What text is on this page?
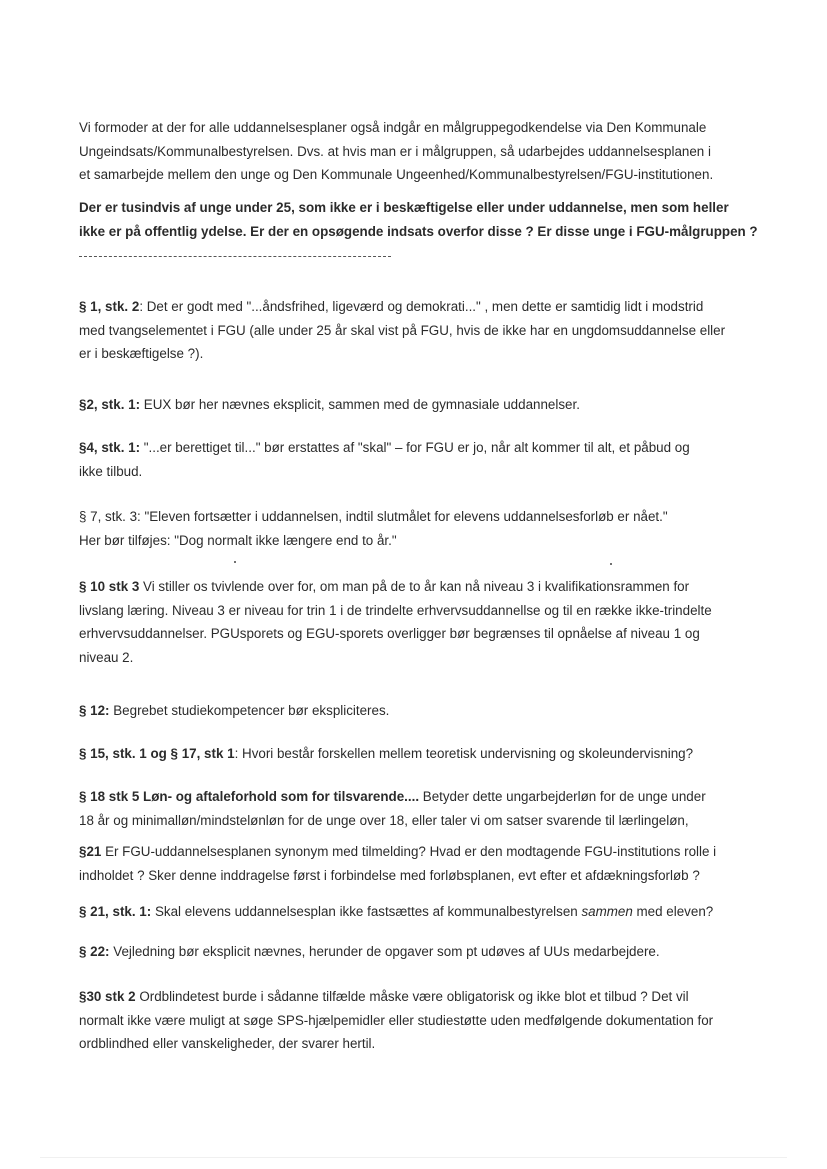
Vi formoder at der for alle uddannelsesplaner også indgår en målgruppegodkendelse via Den Kommunale
Ungeindsats/Kommunalbestyrelsen. Dvs. at hvis man er i målgruppen, så udarbejdes uddannelsesplanen i
et samarbejde mellem den unge og Den Kommunale Ungeenhed/Kommunalbestyrelsen/FGU-institutionen.

Der er tusindvis af unge under 25, som ikke er i beskæftigelse eller under uddannelse, men som heller
ikke er på offentlig ydelse. Er der en opsøgende indsats overfor disse ? Er disse unge i FGU-målgruppen ?

§ 1, stk. 2: Det er godt med "...åndsfrihed, ligeværd og demokrati..." , men dette er samtidig lidt i modstrid
med tvangselementet i FGU (alle under 25 år skal vist på FGU, hvis de ikke har en ungdomsuddannelse eller
er i beskæftigelse ?).

§2, stk. 1: EUX bør her nævnes eksplicit, sammen med de gymnasiale uddannelser.

§4, stk. 1: "...er berettiget til..." bør erstattes af "skal" – for FGU er jo, når alt kommer til alt, et påbud og
ikke tilbud.

§ 7, stk. 3: "Eleven fortsætter i uddannelsen, indtil slutmålet for elevens uddannelsesforløb er nået."
Her bør tilføjes: "Dog normalt ikke længere end to år."

§ 10 stk 3 Vi stiller os tvivlende over for, om man på de to år kan nå niveau 3 i kvalifikationsrammen for
livslang læring. Niveau 3 er niveau for trin 1 i de trindelte erhvervsuddannellse og til en række ikke-trindelte
erhvervsuddannelser. PGUsporets og EGU-sporets overligger bør begrænses til opnåelse af niveau 1 og
niveau 2.

§ 12: Begrebet studiekompetencer bør ekspliciteres.

§ 15, stk. 1 og § 17, stk 1: Hvori består forskellen mellem teoretisk undervisning og skoleundervisning?

§ 18 stk 5 Løn- og aftaleforhold som for tilsvarende.... Betyder dette ungarbejderløn for de unge under
18 år og minimalløn/mindstelønløn for de unge over 18, eller taler vi om satser svarende til lærlingeløn,

§21 Er FGU-uddannelsesplanen synonym med tilmelding? Hvad er den modtagende FGU-institutions rolle i
indholdet ? Sker denne inddragelse først i forbindelse med forløbsplanen, evt efter et afdækningsforløb ?

§ 21, stk. 1: Skal elevens uddannelsesplan ikke fastsættes af kommunalbestyrelsen sammen med eleven?

§ 22: Vejledning bør eksplicit nævnes, herunder de opgaver som pt udøves af UUs medarbejdere.

§30 stk 2 Ordblindetest burde i sådanne tilfælde måske være obligatorisk og ikke blot et tilbud ? Det vil
normalt ikke være muligt at søge SPS-hjælpemidler eller studiestøtte uden medfølgende dokumentation for
ordblindhed eller vanskeligheder, der svarer hertil.
